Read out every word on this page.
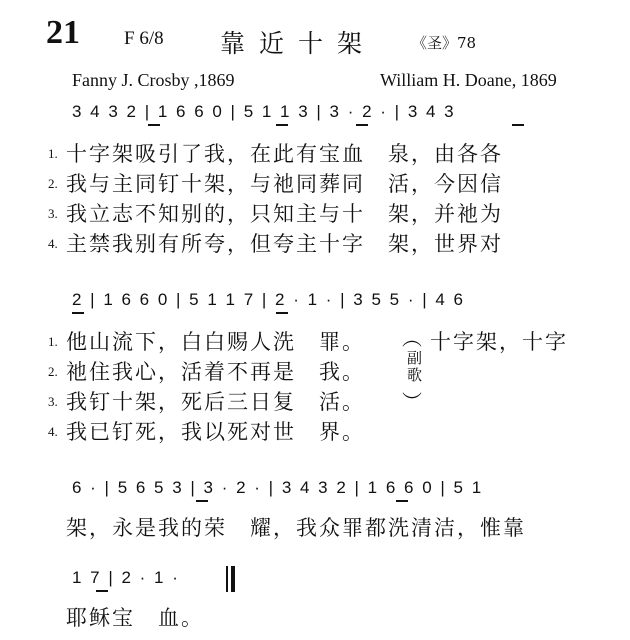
21 F 6/8 靠近十架 《圣》78
Fanny J. Crosby ,1869	William H. Doane, 1869
3 4 3 2 | 1 6 6 0 | 5 1 1 3 | 3 · 2 · | 3 4 3
1. 十字架吸引了我，在此有宝血　泉，由各各
2. 我与主同钉十架，与祂同葬同　活，今因信
3. 我立志不知别的，只知主与十　架，并祂为
4. 主禁我别有所夸，但夸主十字　架，世界对
2 | 1 6 6 0 | 5 1 1 7 | 2 · 1 · | 3 5 5 · | 4 6
1. 他山流下，白白赐人洗　罪。
2. 祂住我心，活着不再是　我。
3. 我钉十架，死后三日复　活。
4. 我已钉死，我以死对世　界。
︵
副歌
︶
十字架，十字
6 · | 5 6 5 3 | 3 · 2 · | 3 4 3 2 | 1 6 6 0 | 5 1
架，永是我的荣　耀，我众罪都洗清洁，惟靠
1 7 | 2 · 1 ·
耶稣宝　血。
